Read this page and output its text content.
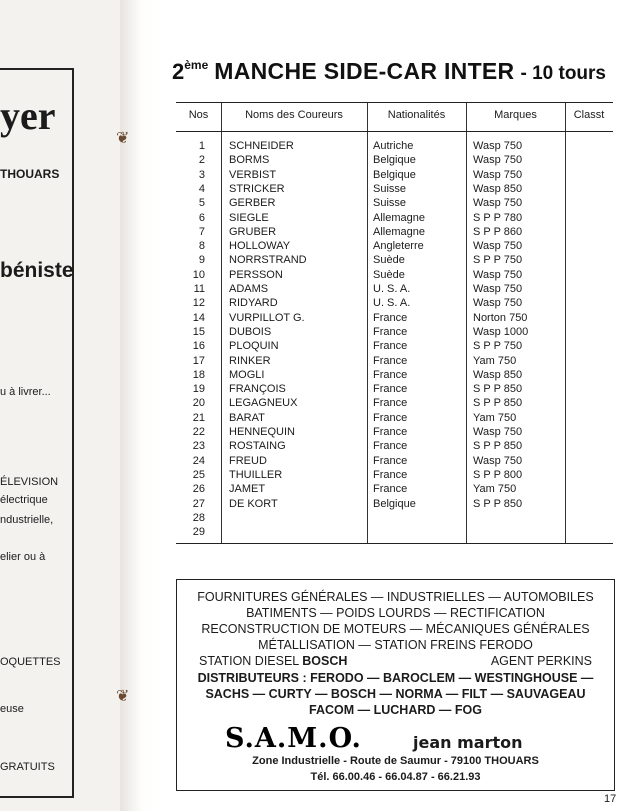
yer
THOUARS
béniste
u à livrer...
ÉLEVISION
électrique
ndustrielle,
elier ou à
OQUETTES
euse
GRATUITS
❦
❦
2ème MANCHE SIDE-CAR INTER - 10 tours
Nos	Noms des Coureurs	Nationalités	Marques	Classt
1 SCHNEIDER	Autriche	Wasp 750
2 BORMS	Belgique	Wasp 750
3 VERBIST	Belgique	Wasp 750
4 STRICKER	Suisse	Wasp 850
5 GERBER	Suisse	Wasp 750
6 SIEGLE	Allemagne	S P P 780
7 GRUBER	Allemagne	S P P 860
8 HOLLOWAY	Angleterre	Wasp 750
9 NORRSTRAND	Suède	S P P 750
10 PERSSON	Suède	Wasp 750
11 ADAMS	U. S. A.	Wasp 750
12 RIDYARD	U. S. A.	Wasp 750
14 VURPILLOT G.	France	Norton 750
15 DUBOIS	France	Wasp 1000
16 PLOQUIN	France	S P P 750
17 RINKER	France	Yam 750
18 MOGLI	France	Wasp 850
19 FRANÇOIS	France	S P P 850
20 LEGAGNEUX	France	S P P 850
21 BARAT	France	Yam 750
22 HENNEQUIN	France	Wasp 750
23 ROSTAING	France	S P P 850
24 FREUD	France	Wasp 750
25 THUILLER	France	S P P 800
26 JAMET	France	Yam 750
27 DE KORT	Belgique	S P P 850
28
29
FOURNITURES GÉNÉRALES — INDUSTRIELLES — AUTOMOBILES
BATIMENTS — POIDS LOURDS — RECTIFICATION
RECONSTRUCTION DE MOTEURS — MÉCANIQUES GÉNÉRALES
MÉTALLISATION — STATION FREINS FERODO
STATION DIESEL BOSCH	AGENT PERKINS
DISTRIBUTEURS : FERODO — BAROCLEM — WESTINGHOUSE —
SACHS — CURTY — BOSCH — NORMA — FILT — SAUVAGEAU
FACOM — LUCHARD — FOG
S.A.M.O.	jean marton
Zone Industrielle - Route de Saumur - 79100 THOUARS
Tél. 66.00.46 - 66.04.87 - 66.21.93
17
